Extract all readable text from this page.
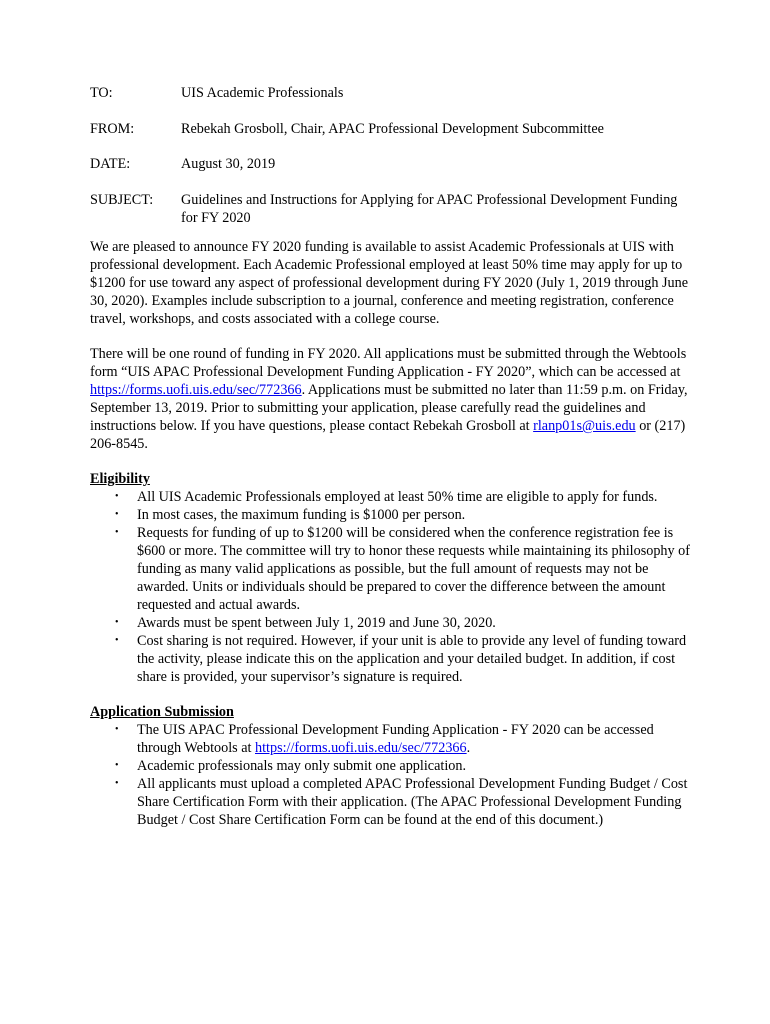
TO:	UIS Academic Professionals
FROM:	Rebekah Grosboll, Chair, APAC Professional Development Subcommittee
DATE:	August 30, 2019
SUBJECT:	Guidelines and Instructions for Applying for APAC Professional Development Funding for FY 2020

We are pleased to announce FY 2020 funding is available to assist Academic Professionals at UIS with professional development. Each Academic Professional employed at least 50% time may apply for up to $1200 for use toward any aspect of professional development during FY 2020 (July 1, 2019 through June 30, 2020). Examples include subscription to a journal, conference and meeting registration, conference travel, workshops, and costs associated with a college course.

There will be one round of funding in FY 2020. All applications must be submitted through the Webtools form “UIS APAC Professional Development Funding Application - FY 2020”, which can be accessed at https://forms.uofi.uis.edu/sec/772366. Applications must be submitted no later than 11:59 p.m. on Friday, September 13, 2019. Prior to submitting your application, please carefully read the guidelines and instructions below. If you have questions, please contact Rebekah Grosboll at rlanp01s@uis.edu or (217) 206-8545.

Eligibility
• All UIS Academic Professionals employed at least 50% time are eligible to apply for funds.
• In most cases, the maximum funding is $1000 per person.
• Requests for funding of up to $1200 will be considered when the conference registration fee is $600 or more. The committee will try to honor these requests while maintaining its philosophy of funding as many valid applications as possible, but the full amount of requests may not be awarded. Units or individuals should be prepared to cover the difference between the amount requested and actual awards.
• Awards must be spent between July 1, 2019 and June 30, 2020.
• Cost sharing is not required. However, if your unit is able to provide any level of funding toward the activity, please indicate this on the application and your detailed budget. In addition, if cost share is provided, your supervisor’s signature is required.
Application Submission
• The UIS APAC Professional Development Funding Application - FY 2020 can be accessed through Webtools at https://forms.uofi.uis.edu/sec/772366.
• Academic professionals may only submit one application.
• All applicants must upload a completed APAC Professional Development Funding Budget / Cost Share Certification Form with their application. (The APAC Professional Development Funding Budget / Cost Share Certification Form can be found at the end of this document.)
